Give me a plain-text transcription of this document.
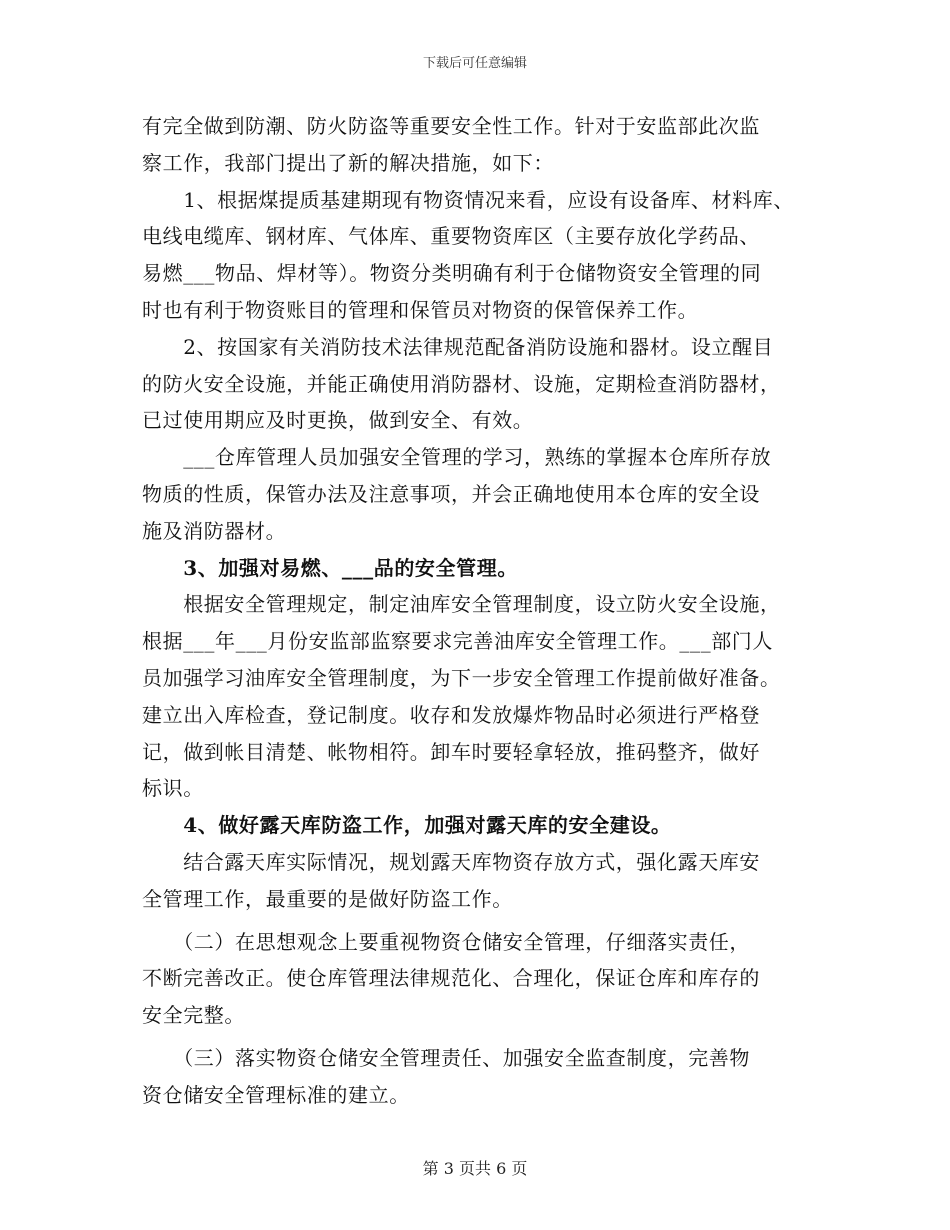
下载后可任意编辑
有完全做到防潮、防火防盗等重要安全性工作。针对于安监部此次监
察工作，我部门提出了新的解决措施，如下：
　　1、根据煤提质基建期现有物资情况来看，应设有设备库、材料库、
电线电缆库、钢材库、气体库、重要物资库区（主要存放化学药品、
易燃___物品、焊材等）。物资分类明确有利于仓储物资安全管理的同
时也有利于物资账目的管理和保管员对物资的保管保养工作。
　　2、按国家有关消防技术法律规范配备消防设施和器材。设立醒目
的防火安全设施，并能正确使用消防器材、设施，定期检查消防器材，
已过使用期应及时更换，做到安全、有效。
　　___仓库管理人员加强安全管理的学习，熟练的掌握本仓库所存放
物质的性质，保管办法及注意事项，并会正确地使用本仓库的安全设
施及消防器材。
　　3、加强对易燃、___品的安全管理。
　　根据安全管理规定，制定油库安全管理制度，设立防火安全设施，
根据___年___月份安监部监察要求完善油库安全管理工作。___部门人
员加强学习油库安全管理制度，为下一步安全管理工作提前做好准备。
建立出入库检查，登记制度。收存和发放爆炸物品时必须进行严格登
记，做到帐目清楚、帐物相符。卸车时要轻拿轻放，推码整齐，做好
标识。
　　4、做好露天库防盗工作，加强对露天库的安全建设。
　　结合露天库实际情况，规划露天库物资存放方式，强化露天库安
全管理工作，最重要的是做好防盗工作。
　　（二）在思想观念上要重视物资仓储安全管理，仔细落实责任，
不断完善改正。使仓库管理法律规范化、合理化，保证仓库和库存的
安全完整。
　　（三）落实物资仓储安全管理责任、加强安全监查制度，完善物
资仓储安全管理标准的建立。
第 3 页共 6 页
